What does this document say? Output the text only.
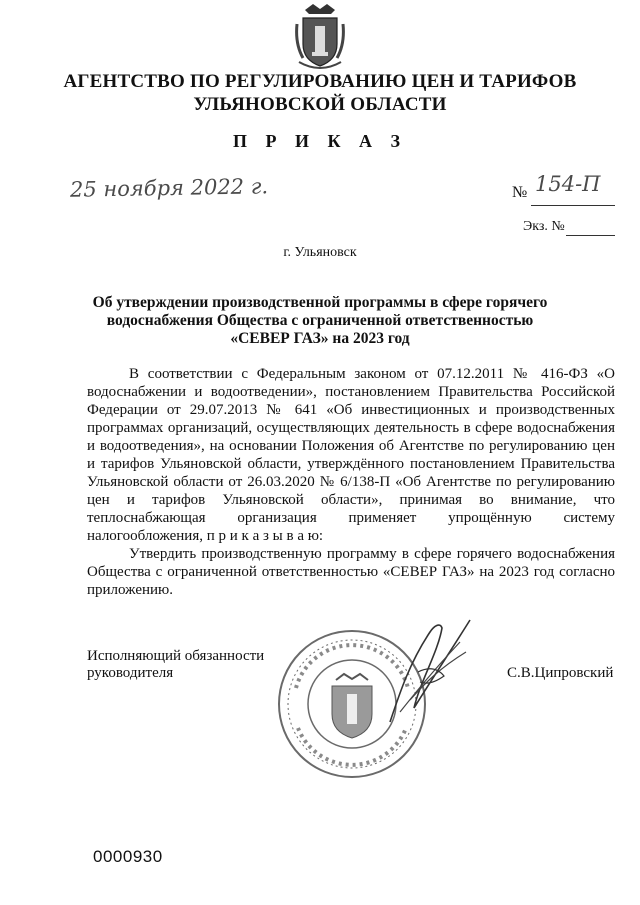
АГЕНТСТВО ПО РЕГУЛИРОВАНИЮ ЦЕН И ТАРИФОВ
УЛЬЯНОВСКОЙ ОБЛАСТИ
П Р И К А З
25 ноября 2022 г.	№ 154-П
Экз. №
г. Ульяновск
Об утверждении производственной программы в сфере горячего
водоснабжения Общества с ограниченной ответственностью
«СЕВЕР ГАЗ» на 2023 год

В соответствии с Федеральным законом от 07.12.2011 № 416-ФЗ «О водоснабжении и водоотведении», постановлением Правительства Российской Федерации от 29.07.2013 № 641 «Об инвестиционных и производственных программах организаций, осуществляющих деятельность в сфере водоснабжения и водоотведения», на основании Положения об Агентстве по регулированию цен и тарифов Ульяновской области, утверждённого постановлением Правительства Ульяновской области от 26.03.2020 № 6/138-П «Об Агентстве по регулированию цен и тарифов Ульяновской области», принимая во внимание, что теплоснабжающая организация применяет упрощённую систему налогообложения, п р и к а з ы в а ю:

Утвердить производственную программу в сфере горячего водоснабжения Общества с ограниченной ответственностью «СЕВЕР ГАЗ» на 2023 год согласно приложению.

Исполняющий обязанности
руководителя	С.В.Ципровский
0000930
